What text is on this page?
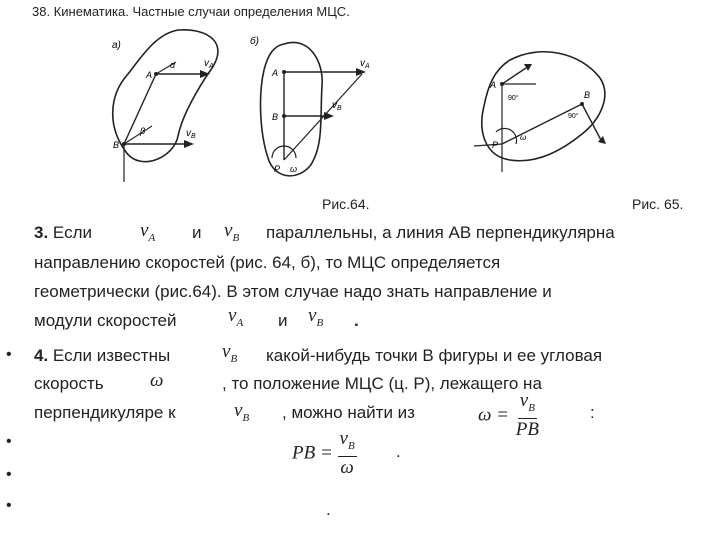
38. Кинематика. Частные случаи определения МЦС.
a)
A
B
α
β
$v_A$
$v_B$
б)
A
B
P ω
$v_A$
$v_B$
A
B
P
90°
90°
ω
Рис.64.	Рис. 65.
3. Если	$v_A$ и $v_B$ параллельны, а линия АВ перпендикулярна
направлению скоростей (рис. 64, б), то МЦС определяется
геометрически (рис.64). В этом случае надо знать направление и
модули скоростей	$v_A$ и $v_B$ .
• 4. Если известны	$v_B$ какой-нибудь точки В фигуры и ее угловая
скорость ω	, то положение МЦС (ц. Р), лежащего на
перпендикуляре к	$v_B$ , можно найти из	$\omega = \frac{v_B}{PB}$	:
•
PB = $\frac{v_B}{\omega}$ .
•
•	.
